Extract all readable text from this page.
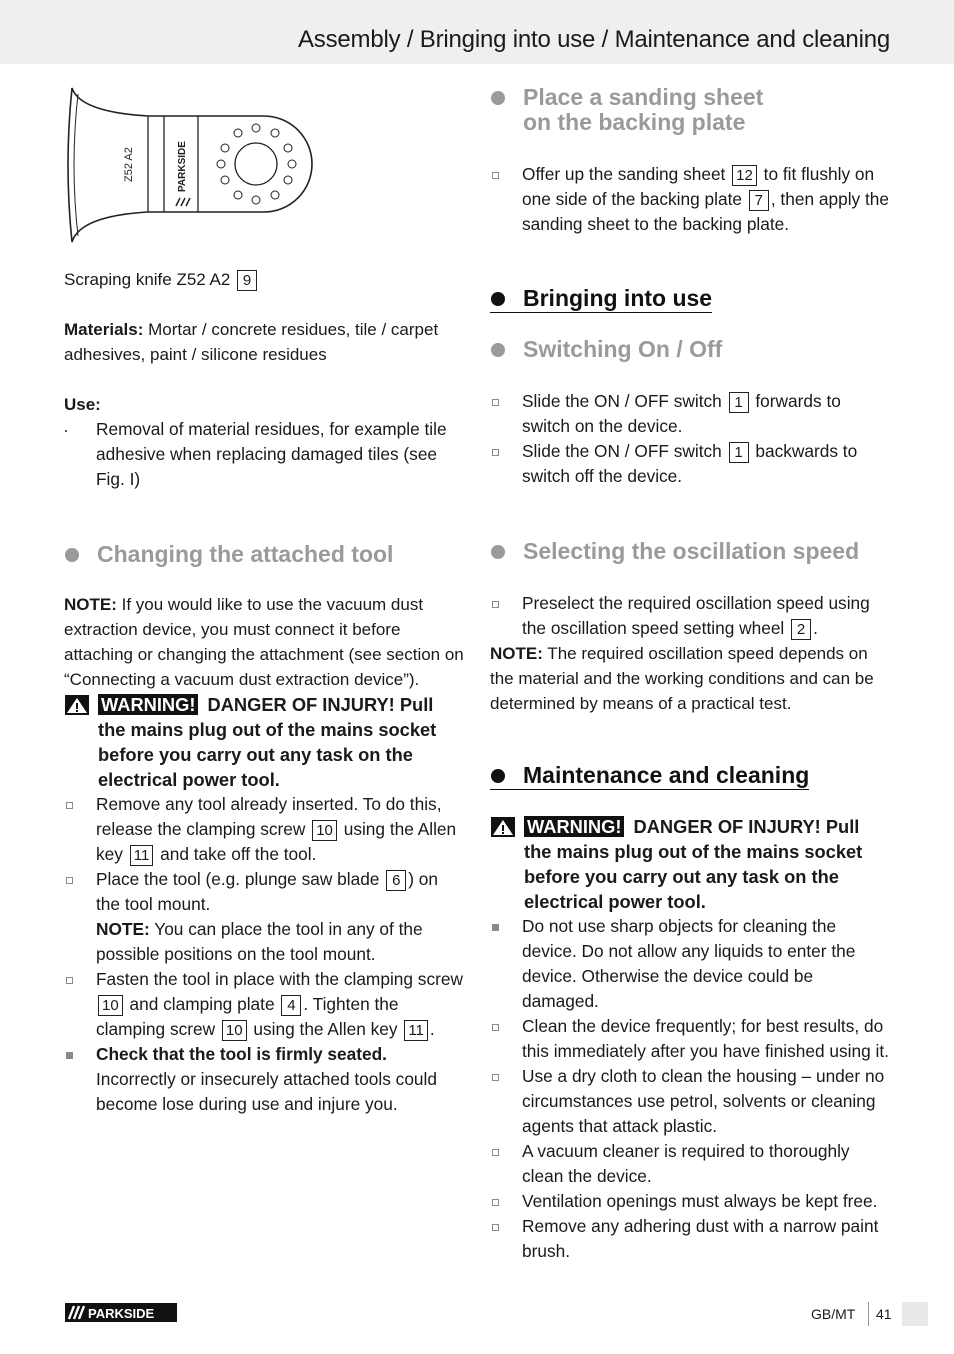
Assembly / Bringing into use / Maintenance and cleaning
Z52 A2	PARKSIDE

Scraping knife Z52 A2 9

Materials: Mortar / concrete residues, tile / carpet adhesives, paint / silicone residues

Use:

Removal of material residues, for example tile adhesive when replacing damaged tiles (see Fig. I)
Changing the attached tool

NOTE: If you would like to use the vacuum dust extraction device, you must connect it before attaching or changing the attachment (see section on “Connecting a vacuum dust extraction device”).

WARNING! DANGER OF INJURY! Pull the mains plug out of the mains socket before you carry out any task on the electrical power tool.
Remove any tool already inserted. To do this, release the clamping screw 10 using the Allen key 11 and take off the tool.
Place the tool (e.g. plunge saw blade 6 ) on the tool mount.
NOTE: You can place the tool in any of the possible positions on the tool mount.
Fasten the tool in place with the clamping screw 10 and clamping plate 4 . Tighten the clamping screw 10 using the Allen key 11 .
Check that the tool is firmly seated.
Incorrectly or insecurely attached tools could become lose during use and injure you.
Place a sanding sheet on the backing plate
Offer up the sanding sheet 12 to fit flushly on one side of the backing plate 7 , then apply the sanding sheet to the backing plate.
Bringing into use
Switching On / Off
Slide the ON / OFF switch 1 forwards to switch on the device.
Slide the ON / OFF switch 1 backwards to switch off the device.
Selecting the oscillation speed
Preselect the required oscillation speed using the oscillation speed setting wheel 2 .

NOTE: The required oscillation speed depends on the material and the working conditions and can be determined by means of a practical test.

Maintenance and cleaning
WARNING! DANGER OF INJURY! Pull the mains plug out of the mains socket before you carry out any task on the electrical power tool.
Do not use sharp objects for cleaning the device. Do not allow any liquids to enter the device. Otherwise the device could be damaged.
Clean the device frequently; for best results, do this immediately after you have finished using it.
Use a dry cloth to clean the housing – under no circumstances use petrol, solvents or cleaning agents that attack plastic.
A vacuum cleaner is required to thoroughly clean the device.
Ventilation openings must always be kept free.
Remove any adhering dust with a narrow paint brush.
PARKSIDE	GB/MT 41
